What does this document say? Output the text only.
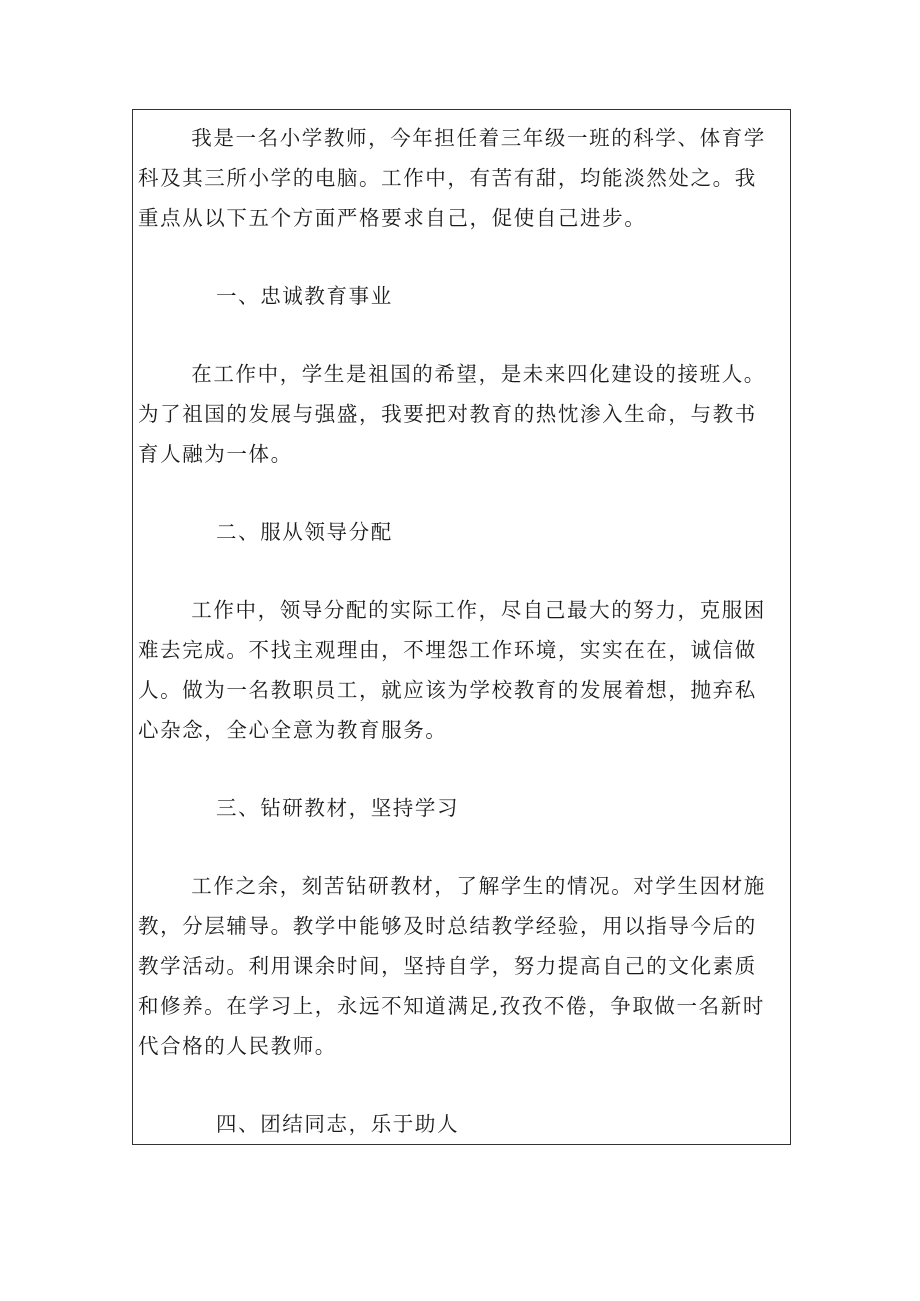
我是一名小学教师，今年担任着三年级一班的科学、体育学
科及其三所小学的电脑。工作中，有苦有甜，均能淡然处之。我
重点从以下五个方面严格要求自己，促使自己进步。
一、忠诚教育事业
在工作中，学生是祖国的希望，是未来四化建设的接班人。
为了祖国的发展与强盛，我要把对教育的热忱渗入生命，与教书
育人融为一体。
二、服从领导分配
工作中，领导分配的实际工作，尽自己最大的努力，克服困
难去完成。不找主观理由，不埋怨工作环境，实实在在，诚信做
人。做为一名教职员工，就应该为学校教育的发展着想，抛弃私
心杂念，全心全意为教育服务。
三、钻研教材，坚持学习
工作之余，刻苦钻研教材，了解学生的情况。对学生因材施
教，分层辅导。教学中能够及时总结教学经验，用以指导今后的
教学活动。利用课余时间，坚持自学，努力提高自己的文化素质
和修养。在学习上，永远不知道满足,孜孜不倦，争取做一名新时
代合格的人民教师。
四、团结同志，乐于助人
